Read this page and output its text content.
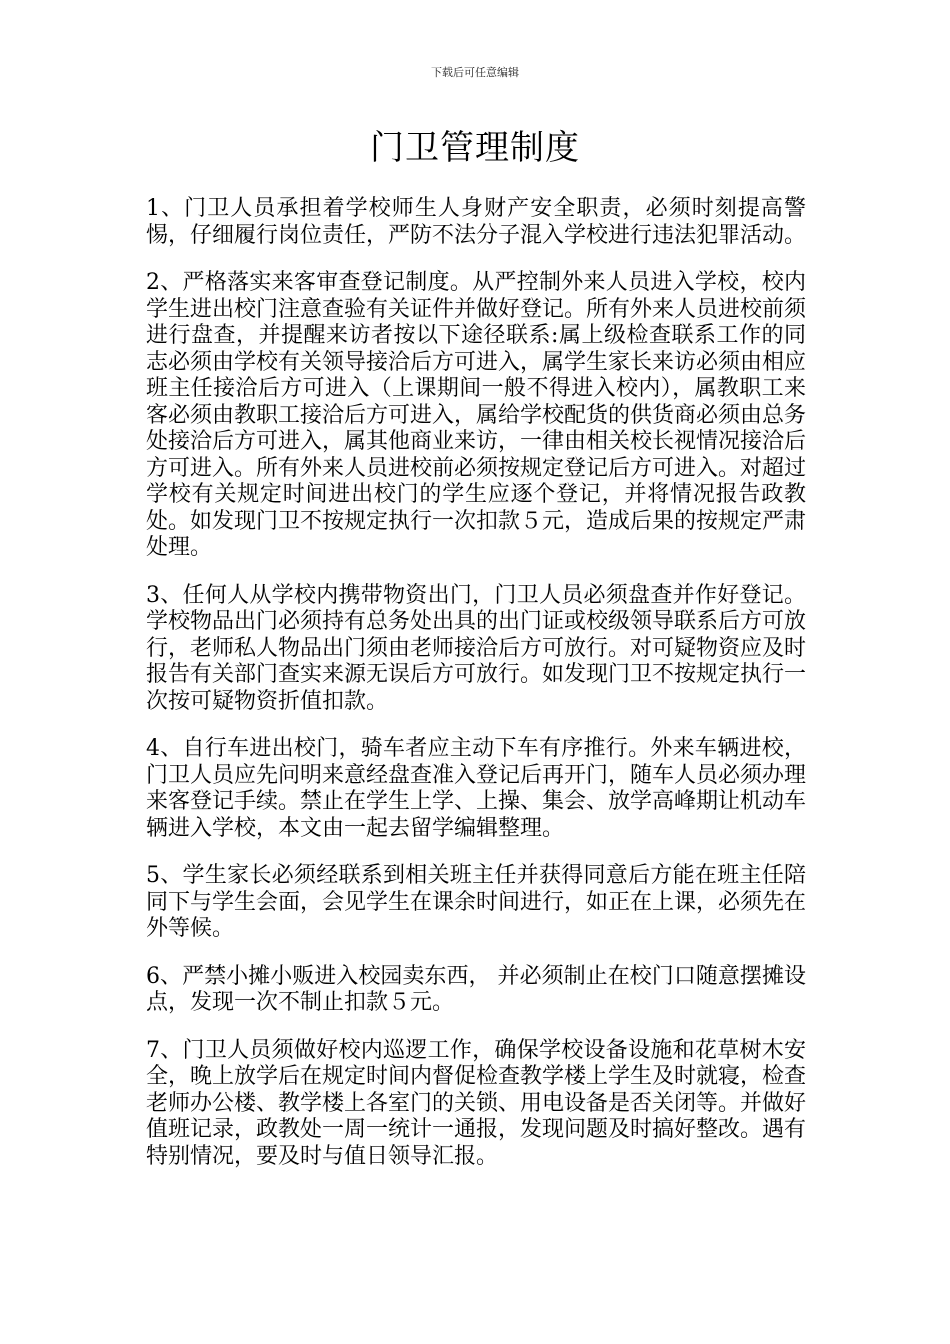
下载后可任意编辑
门卫管理制度

1、门卫人员承担着学校师生人身财产安全职责，必须时刻提高警惕，仔细履行岗位责任，严防不法分子混入学校进行违法犯罪活动。

2、严格落实来客审查登记制度。从严控制外来人员进入学校，校内学生进出校门注意查验有关证件并做好登记。所有外来人员进校前须进行盘查，并提醒来访者按以下途径联系:属上级检查联系工作的同志必须由学校有关领导接洽后方可进入，属学生家长来访必须由相应班主任接洽后方可进入（上课期间一般不得进入校内），属教职工来客必须由教职工接洽后方可进入，属给学校配货的供货商必须由总务处接洽后方可进入，属其他商业来访，一律由相关校长视情况接洽后方可进入。所有外来人员进校前必须按规定登记后方可进入。对超过学校有关规定时间进出校门的学生应逐个登记，并将情况报告政教处。如发现门卫不按规定执行一次扣款５元，造成后果的按规定严肃处理。

3、任何人从学校内携带物资出门，门卫人员必须盘查并作好登记。学校物品出门必须持有总务处出具的出门证或校级领导联系后方可放行，老师私人物品出门须由老师接洽后方可放行。对可疑物资应及时报告有关部门查实来源无误后方可放行。如发现门卫不按规定执行一次按可疑物资折值扣款。

4、自行车进出校门，骑车者应主动下车有序推行。外来车辆进校，门卫人员应先问明来意经盘查准入登记后再开门，随车人员必须办理来客登记手续。禁止在学生上学、上操、集会、放学高峰期让机动车辆进入学校，本文由一起去留学编辑整理。

5、学生家长必须经联系到相关班主任并获得同意后方能在班主任陪同下与学生会面，会见学生在课余时间进行，如正在上课，必须先在外等候。

6、严禁小摊小贩进入校园卖东西， 并必须制止在校门口随意摆摊设点，发现一次不制止扣款５元。

7、门卫人员须做好校内巡逻工作，确保学校设备设施和花草树木安全，晚上放学后在规定时间内督促检查教学楼上学生及时就寝，检查老师办公楼、教学楼上各室门的关锁、用电设备是否关闭等。并做好值班记录，政教处一周一统计一通报，发现问题及时搞好整改。遇有特别情况，要及时与值日领导汇报。
